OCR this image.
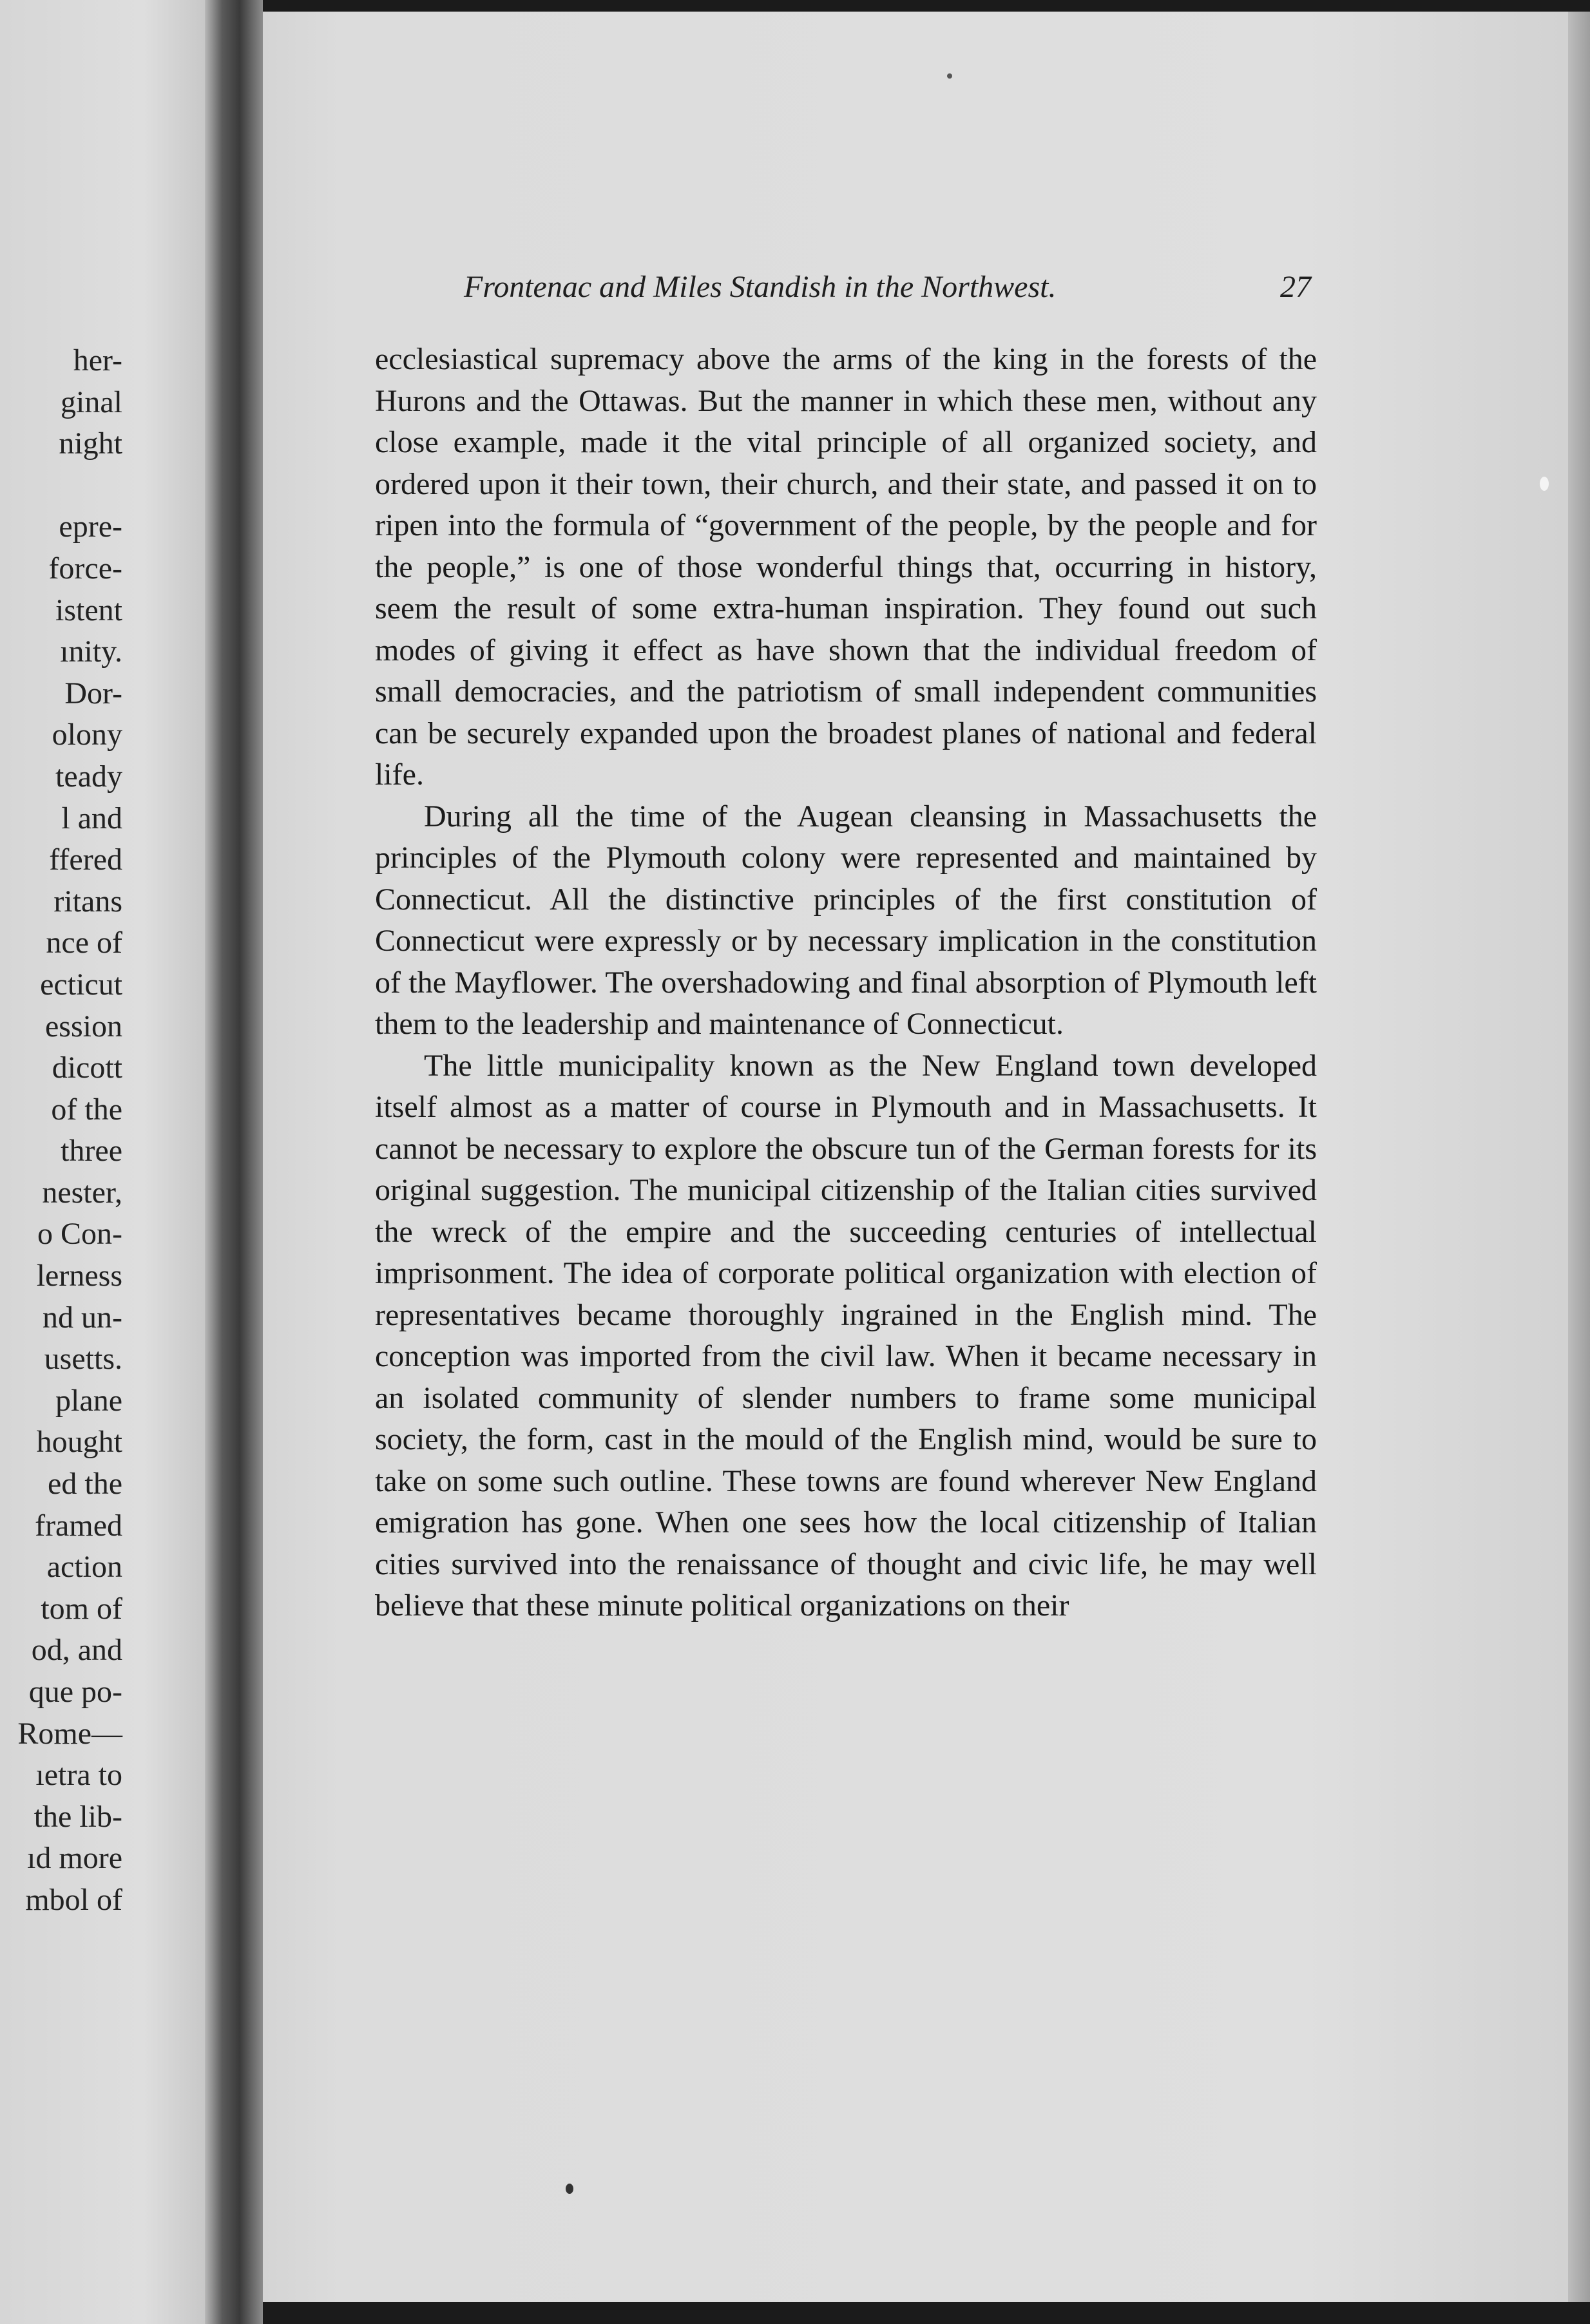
her-
ginal
night

epre-
force-
istent
ınity.
Dor-
olony
teady
l and
ffered
ritans
nce of
ecticut
ession
dicott
of the
three
nester,
o Con-
lerness
nd un-
usetts.
plane
hought
ed the
framed
action
tom of
od, and
que po-
Rome—
ıetra to
the lib-
ıd more
mbol of
Frontenac and Miles Standish in the Northwest.	27

ecclesiastical supremacy above the arms of the king in the forests of the Hurons and the Ottawas. But the manner in which these men, without any close example, made it the vital principle of all organized society, and ordered upon it their town, their church, and their state, and passed it on to ripen into the formula of “government of the people, by the people and for the people,” is one of those wonderful things that, occurring in history, seem the result of some extra-human inspiration. They found out such modes of giving it effect as have shown that the individual freedom of small democracies, and the patriotism of small independent communities can be securely expanded upon the broadest planes of national and federal life.

During all the time of the Augean cleansing in Massachusetts the principles of the Plymouth colony were represented and maintained by Connecticut. All the distinctive principles of the first constitution of Connecticut were expressly or by necessary implication in the constitution of the Mayflower. The overshadowing and final absorption of Plymouth left them to the leadership and maintenance of Connecticut.

The little municipality known as the New England town developed itself almost as a matter of course in Plymouth and in Massachusetts. It cannot be necessary to explore the obscure tun of the German forests for its original suggestion. The municipal citizenship of the Italian cities survived the wreck of the empire and the succeeding centuries of intellectual imprisonment. The idea of corporate political organization with election of representatives became thoroughly ingrained in the English mind. The conception was imported from the civil law. When it became necessary in an isolated community of slender numbers to frame some municipal society, the form, cast in the mould of the English mind, would be sure to take on some such outline. These towns are found wherever New England emigration has gone. When one sees how the local citizenship of Italian cities survived into the renaissance of thought and civic life, he may well believe that these minute political organizations on their
